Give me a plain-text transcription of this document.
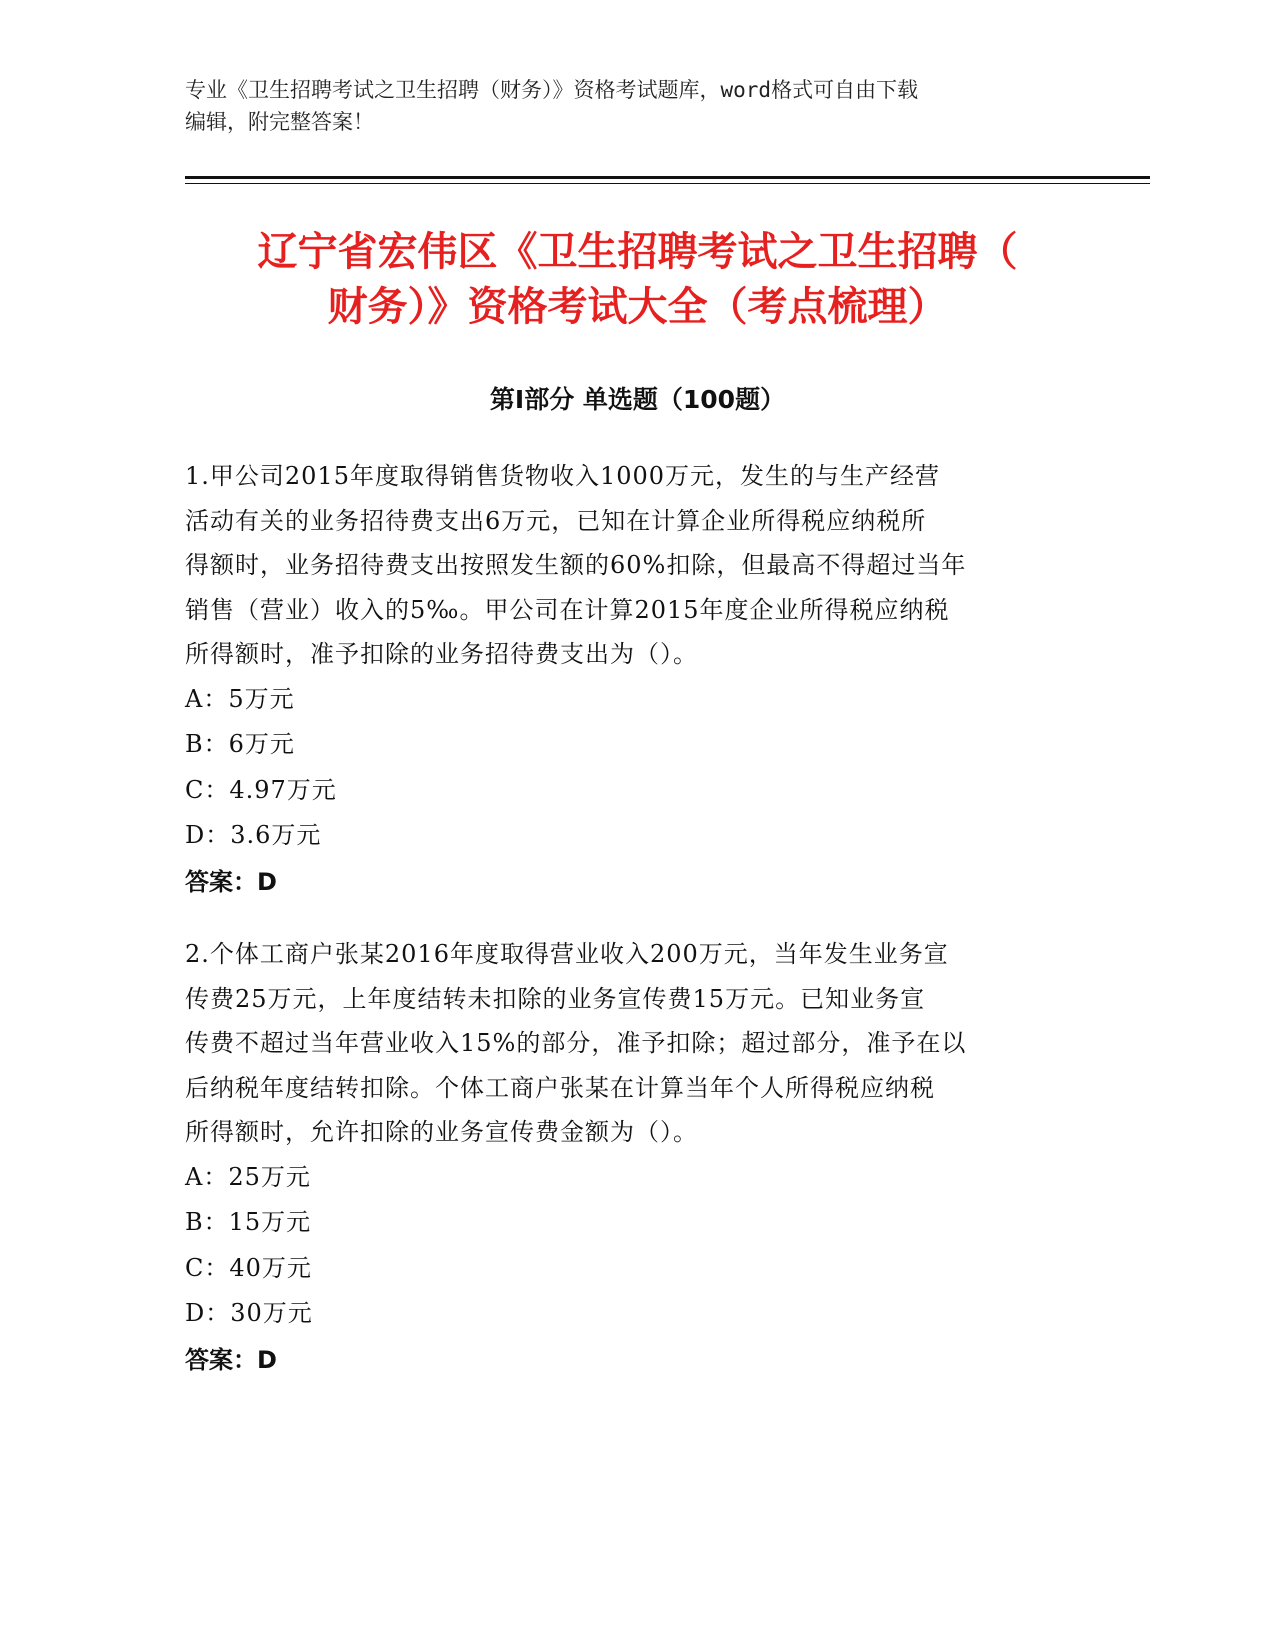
专业《卫生招聘考试之卫生招聘（财务）》资格考试题库，word格式可自由下载
编辑，附完整答案！
辽宁省宏伟区《卫生招聘考试之卫生招聘（
财务）》资格考试大全（考点梳理）
第Ⅰ部分 单选题（100题）
1.甲公司2015年度取得销售货物收入1000万元，发生的与生产经营
活动有关的业务招待费支出6万元，已知在计算企业所得税应纳税所
得额时，业务招待费支出按照发生额的60%扣除，但最高不得超过当年
销售（营业）收入的5‰。甲公司在计算2015年度企业所得税应纳税
所得额时，准予扣除的业务招待费支出为（）。
A：5万元
B：6万元
C：4.97万元
D：3.6万元
答案：D
2.个体工商户张某2016年度取得营业收入200万元，当年发生业务宣
传费25万元，上年度结转未扣除的业务宣传费15万元。已知业务宣
传费不超过当年营业收入15%的部分，准予扣除；超过部分，准予在以
后纳税年度结转扣除。个体工商户张某在计算当年个人所得税应纳税
所得额时，允许扣除的业务宣传费金额为（）。
A：25万元
B：15万元
C：40万元
D：30万元
答案：D
